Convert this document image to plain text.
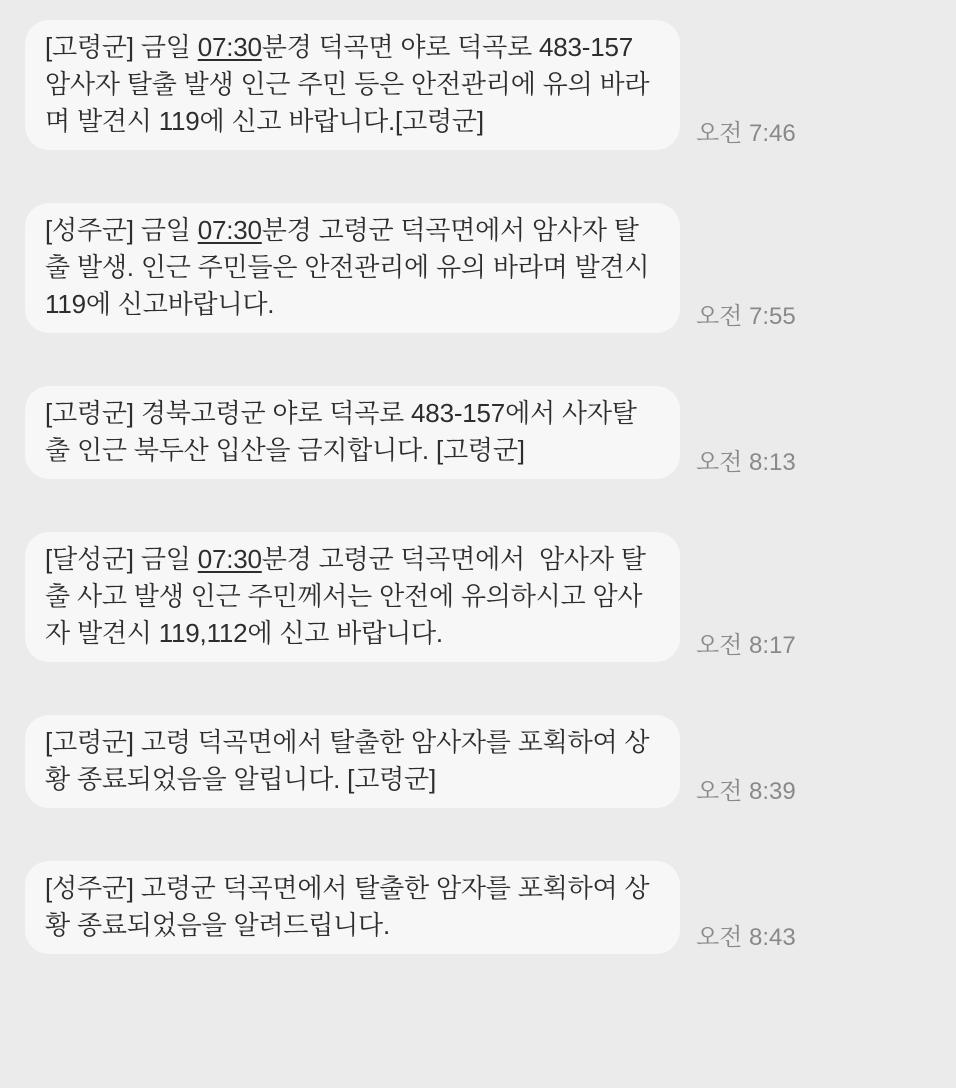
[고령군] 금일 07:30분경 덕곡면 야로 덕곡로 483-157 암사자 탈출 발생 인근 주민 등은 안전관리에 유의 바라며 발견시 119에 신고 바랍니다.[고령군]	오전 7:46
[성주군] 금일 07:30분경 고령군 덕곡면에서 암사자 탈출 발생. 인근 주민들은 안전관리에 유의 바라며 발견시 119에 신고바랍니다.	오전 7:55
[고령군] 경북고령군 야로 덕곡로 483-157에서 사자탈출 인근 북두산 입산을 금지합니다. [고령군]	오전 8:13
[달성군] 금일 07:30분경 고령군 덕곡면에서  암사자 탈출 사고 발생 인근 주민께서는 안전에 유의하시고 암사자 발견시 119,112에 신고 바랍니다.	오전 8:17
[고령군] 고령 덕곡면에서 탈출한 암사자를 포획하여 상황 종료되었음을 알립니다. [고령군]	오전 8:39
[성주군] 고령군 덕곡면에서 탈출한 암자를 포획하여 상황 종료되었음을 알려드립니다.	오전 8:43
